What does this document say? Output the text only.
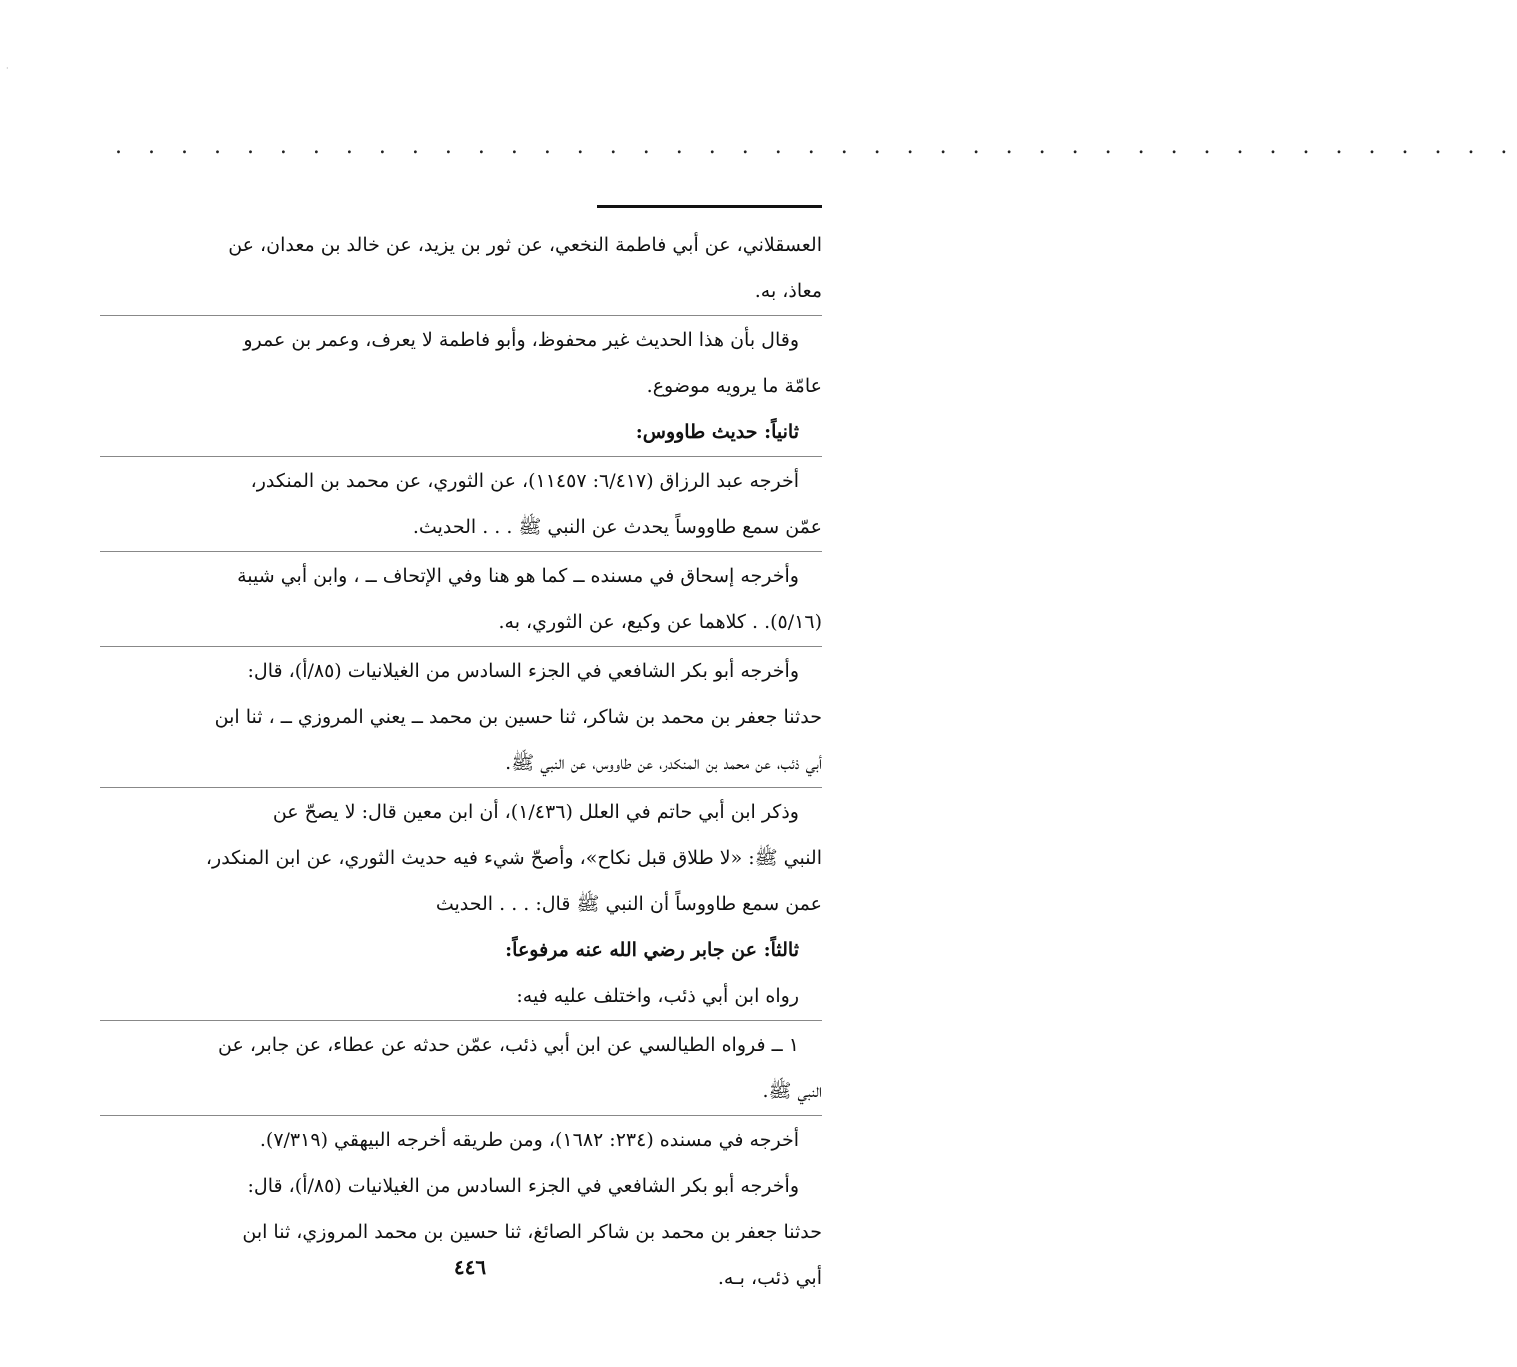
·
. . . . . . . . . . . . . . . . . . . . . . . . . . . . . . . . . . . . . . . . . . .
العسقلاني، عن أبي فاطمة النخعي، عن ثور بن يزيد، عن خالد بن معدان، عن
معاذ، به.
وقال بأن هذا الحديث غير محفوظ، وأبو فاطمة لا يعرف، وعمر بن عمرو
عامّة ما يرويه موضوع.
ثانياً: حديث طاووس:
أخرجه عبد الرزاق (٦/٤١٧: ١١٤٥٧)، عن الثوري، عن محمد بن المنكدر،
عمّن سمع طاووساً يحدث عن النبي ﷺ . . . الحديث.
وأخرجه إسحاق في مسنده ــ كما هو هنا وفي الإتحاف ــ ، وابن أبي شيبة
(٥/١٦). . كلاهما عن وكيع، عن الثوري، به.
وأخرجه أبو بكر الشافعي في الجزء السادس من الغيلانيات (٨٥/أ)، قال:
حدثنا جعفر بن محمد بن شاكر، ثنا حسين بن محمد ــ يعني المروزي ــ ، ثنا ابن
أبي ذئب، عن محمد بن المنكدر، عن طاووس، عن النبي ﷺ.
وذكر ابن أبي حاتم في العلل (١/٤٣٦)، أن ابن معين قال: لا يصحّ عن
النبي ﷺ: «لا طلاق قبل نكاح»، وأصحّ شيء فيه حديث الثوري، عن ابن المنكدر،
عمن سمع طاووساً أن النبي ﷺ قال: . . . الحديث
ثالثاً: عن جابر رضي الله عنه مرفوعاً:
رواه ابن أبي ذئب، واختلف عليه فيه:
١ ــ فرواه الطيالسي عن ابن أبي ذئب، عمّن حدثه عن عطاء، عن جابر، عن
النبي ﷺ.
أخرجه في مسنده (٢٣٤: ١٦٨٢)، ومن طريقه أخرجه البيهقي (٧/٣١٩).
وأخرجه أبو بكر الشافعي في الجزء السادس من الغيلانيات (٨٥/أ)، قال:
حدثنا جعفر بن محمد بن شاكر الصائغ، ثنا حسين بن محمد المروزي، ثنا ابن
أبي ذئب، بـه.
٤٤٦
